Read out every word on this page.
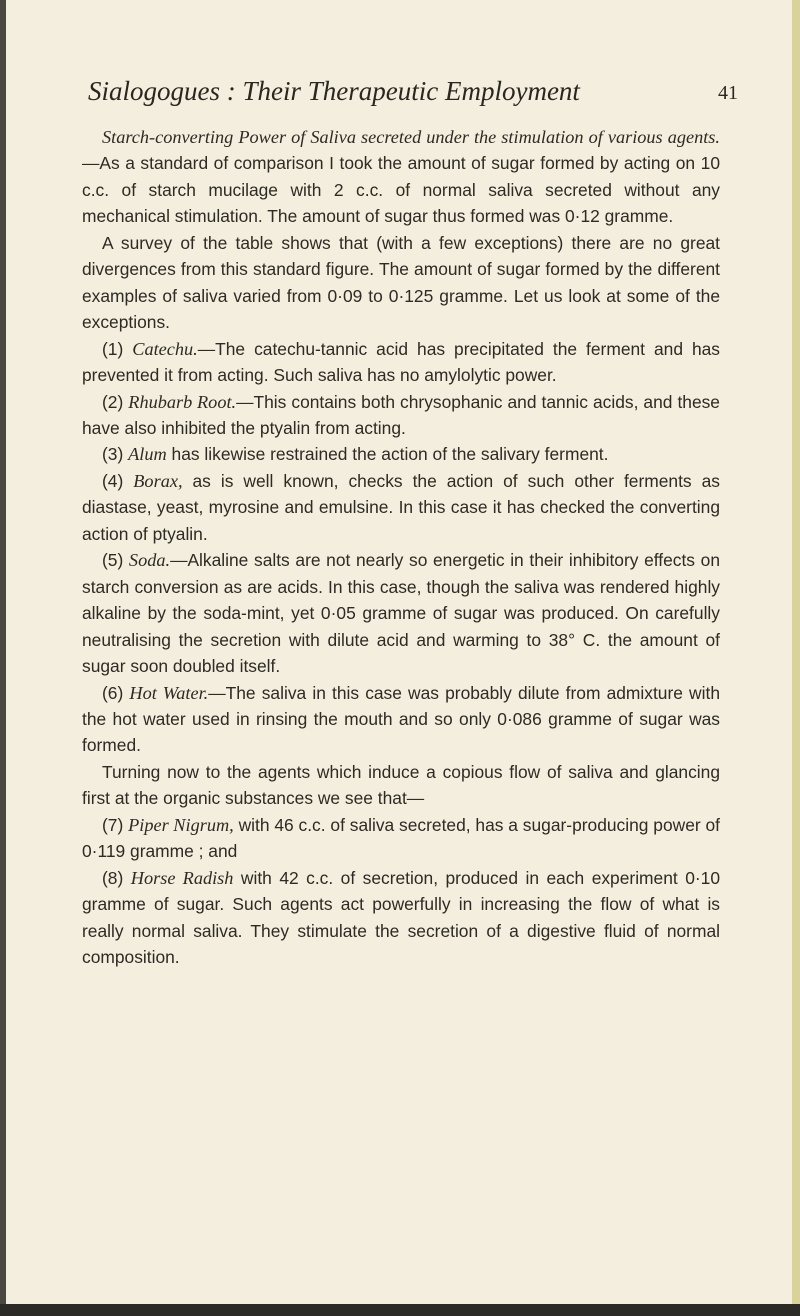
Sialogogues : Their Therapeutic Employment	41

Starch-converting Power of Saliva secreted under the stimulation of various agents.—As a standard of comparison I took the amount of sugar formed by acting on 10 c.c. of starch mucilage with 2 c.c. of normal saliva secreted without any mechanical stimulation. The amount of sugar thus formed was 0·12 gramme.

A survey of the table shows that (with a few exceptions) there are no great divergences from this standard figure. The amount of sugar formed by the different examples of saliva varied from 0·09 to 0·125 gramme. Let us look at some of the exceptions.

(1) Catechu.—The catechu-tannic acid has precipitated the ferment and has prevented it from acting. Such saliva has no amylolytic power.

(2) Rhubarb Root.—This contains both chrysophanic and tannic acids, and these have also inhibited the ptyalin from acting.

(3) Alum has likewise restrained the action of the salivary ferment.

(4) Borax, as is well known, checks the action of such other ferments as diastase, yeast, myrosine and emulsine. In this case it has checked the converting action of ptyalin.

(5) Soda.—Alkaline salts are not nearly so energetic in their inhibitory effects on starch conversion as are acids. In this case, though the saliva was rendered highly alkaline by the soda-mint, yet 0·05 gramme of sugar was produced. On carefully neutralising the secretion with dilute acid and warming to 38° C. the amount of sugar soon doubled itself.

(6) Hot Water.—The saliva in this case was probably dilute from admixture with the hot water used in rinsing the mouth and so only 0·086 gramme of sugar was formed.

Turning now to the agents which induce a copious flow of saliva and glancing first at the organic substances we see that—

(7) Piper Nigrum, with 46 c.c. of saliva secreted, has a sugar-producing power of 0·119 gramme ; and

(8) Horse Radish with 42 c.c. of secretion, produced in each experiment 0·10 gramme of sugar. Such agents act powerfully in increasing the flow of what is really normal saliva. They stimulate the secretion of a digestive fluid of normal composition.
